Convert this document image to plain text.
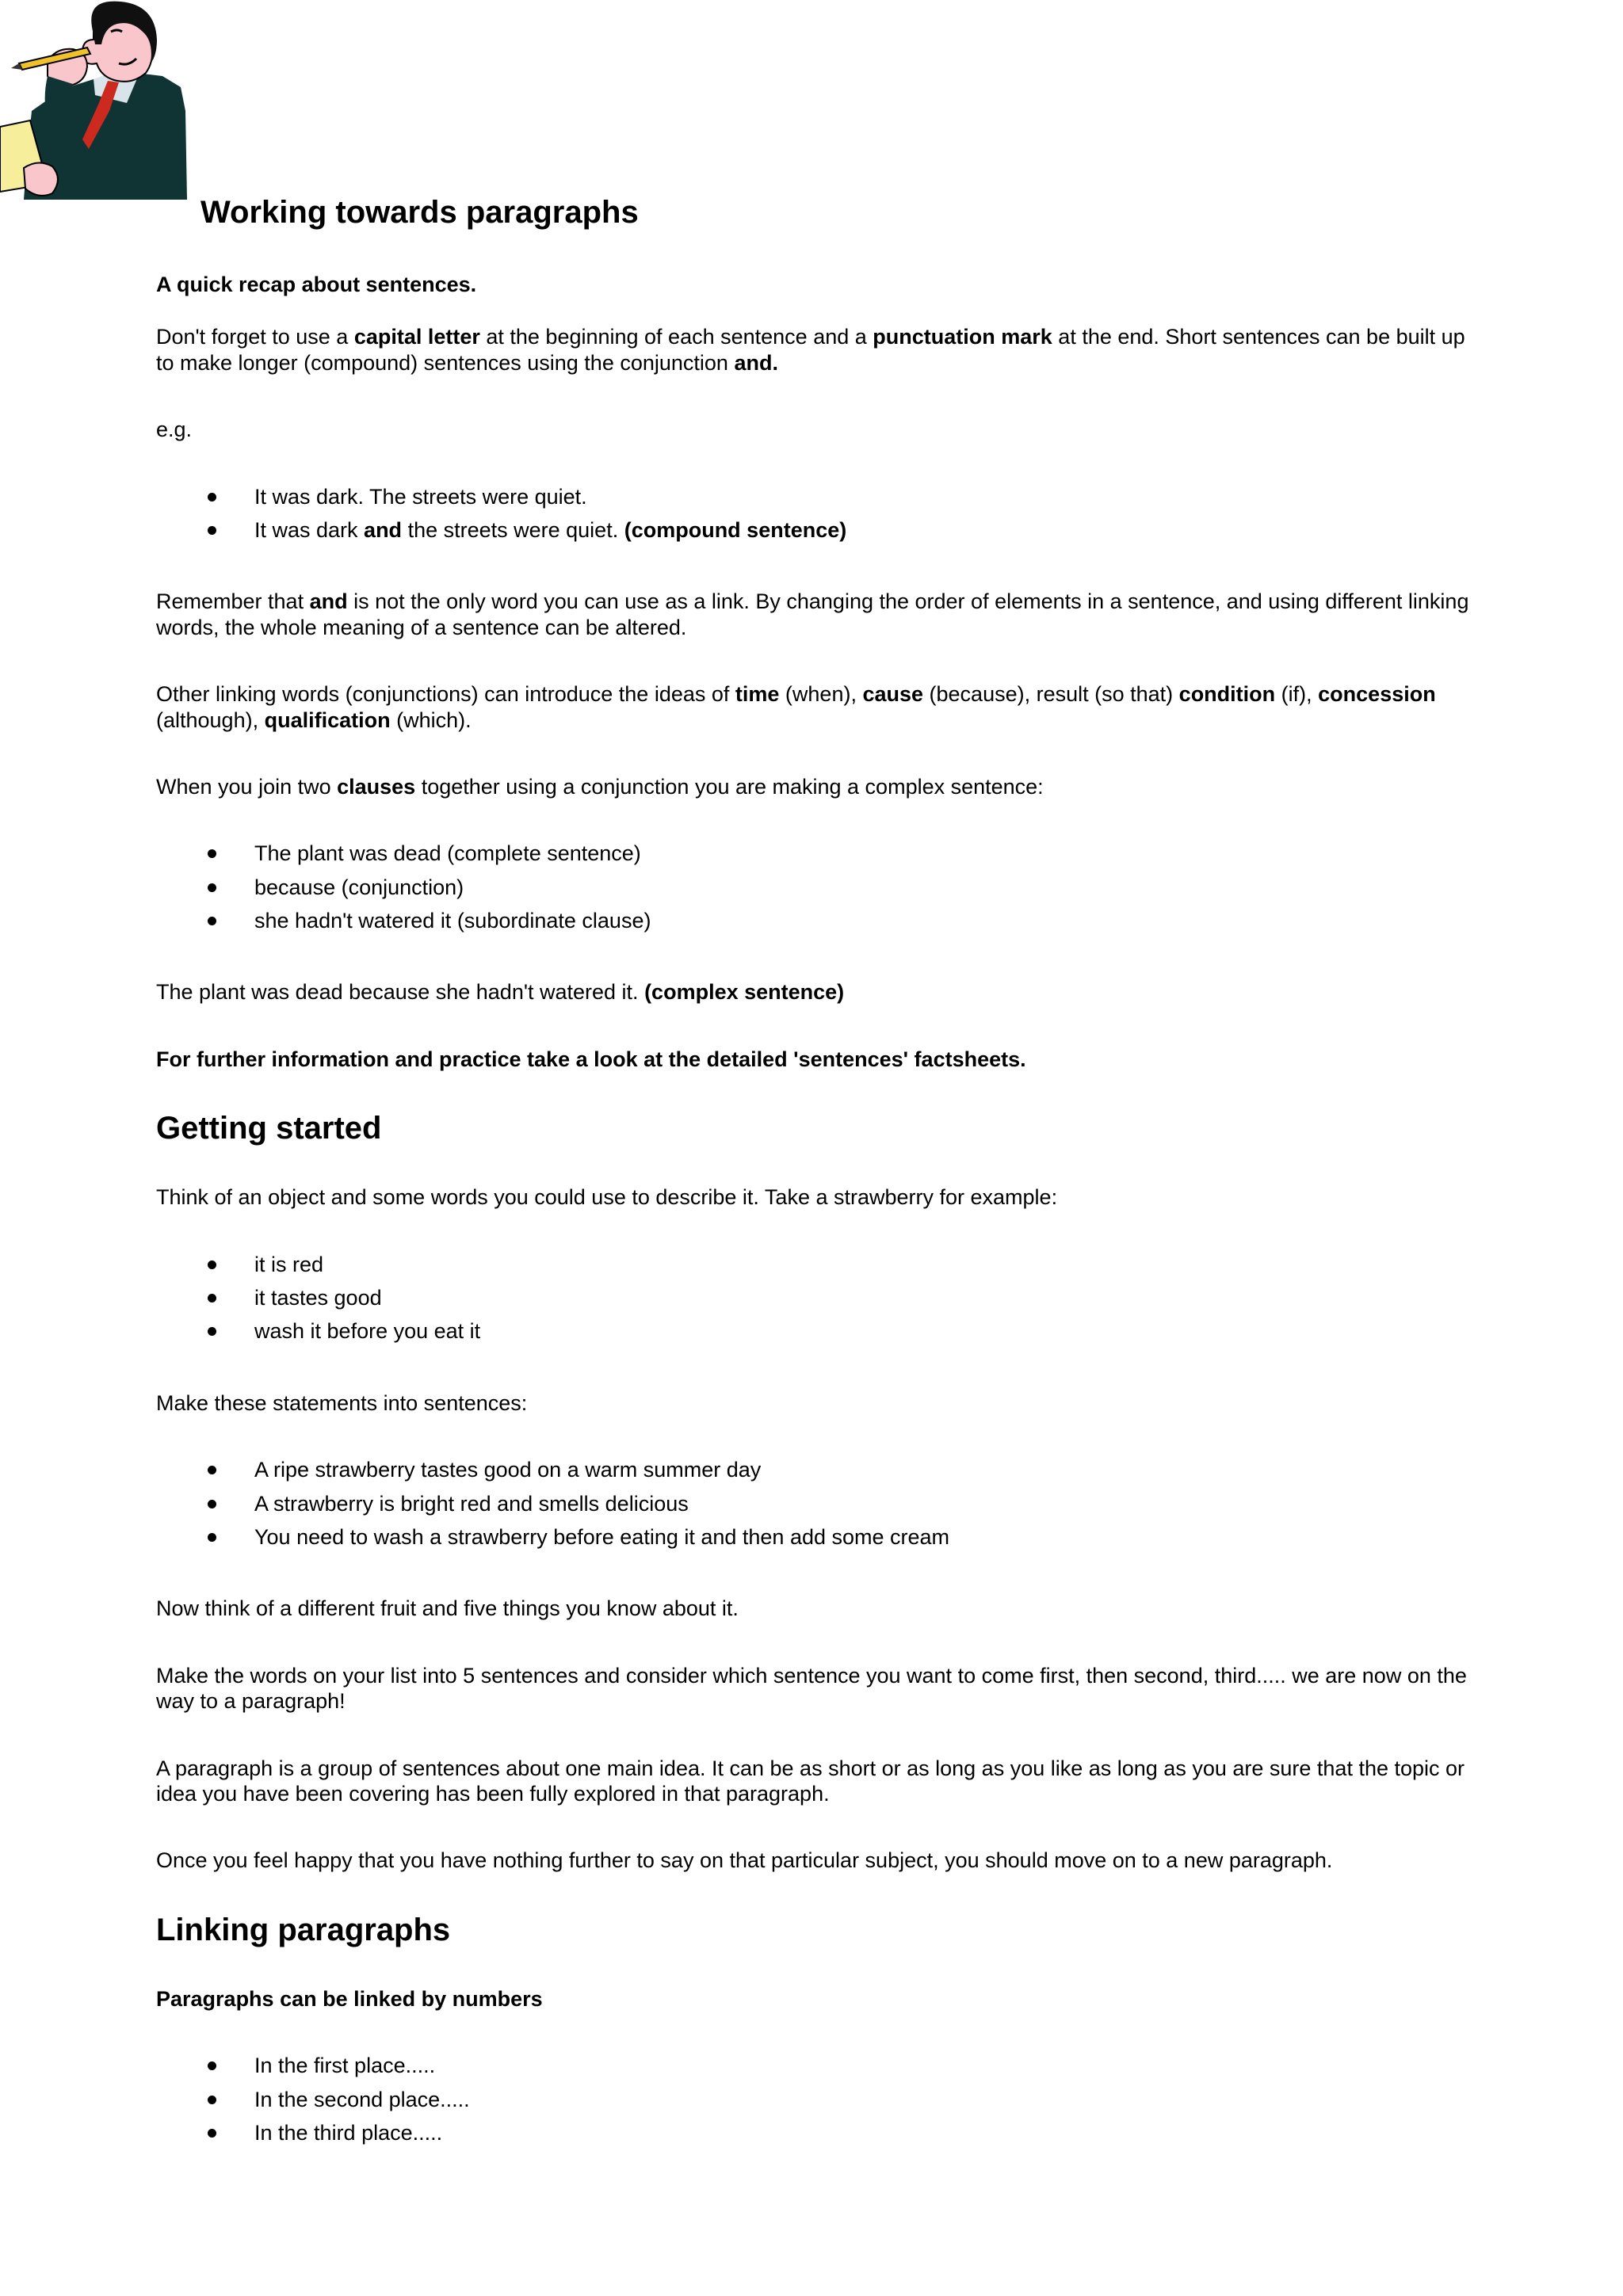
Working towards paragraphs

A quick recap about sentences.

Don't forget to use a capital letter at the beginning of each sentence and a punctuation mark at the end. Short sentences can be built up to make longer (compound) sentences using the conjunction and.

e.g.

It was dark. The streets were quiet.
It was dark and the streets were quiet. (compound sentence)

Remember that and is not the only word you can use as a link. By changing the order of elements in a sentence, and using different linking words, the whole meaning of a sentence can be altered.

Other linking words (conjunctions) can introduce the ideas of time (when), cause (because), result (so that) condition (if), concession (although), qualification (which).

When you join two clauses together using a conjunction you are making a complex sentence:

The plant was dead (complete sentence)
because (conjunction)
she hadn't watered it (subordinate clause)

The plant was dead because she hadn't watered it. (complex sentence)

For further information and practice take a look at the detailed 'sentences' factsheets.

Getting started

Think of an object and some words you could use to describe it. Take a strawberry for example:

it is red
it tastes good
wash it before you eat it

Make these statements into sentences:

A ripe strawberry tastes good on a warm summer day
A strawberry is bright red and smells delicious
You need to wash a strawberry before eating it and then add some cream

Now think of a different fruit and five things you know about it.

Make the words on your list into 5 sentences and consider which sentence you want to come first, then second, third..... we are now on the way to a paragraph!

A paragraph is a group of sentences about one main idea. It can be as short or as long as you like as long as you are sure that the topic or idea you have been covering has been fully explored in that paragraph.

Once you feel happy that you have nothing further to say on that particular subject, you should move on to a new paragraph.

Linking paragraphs

Paragraphs can be linked by numbers

In the first place.....
In the second place.....
In the third place.....
